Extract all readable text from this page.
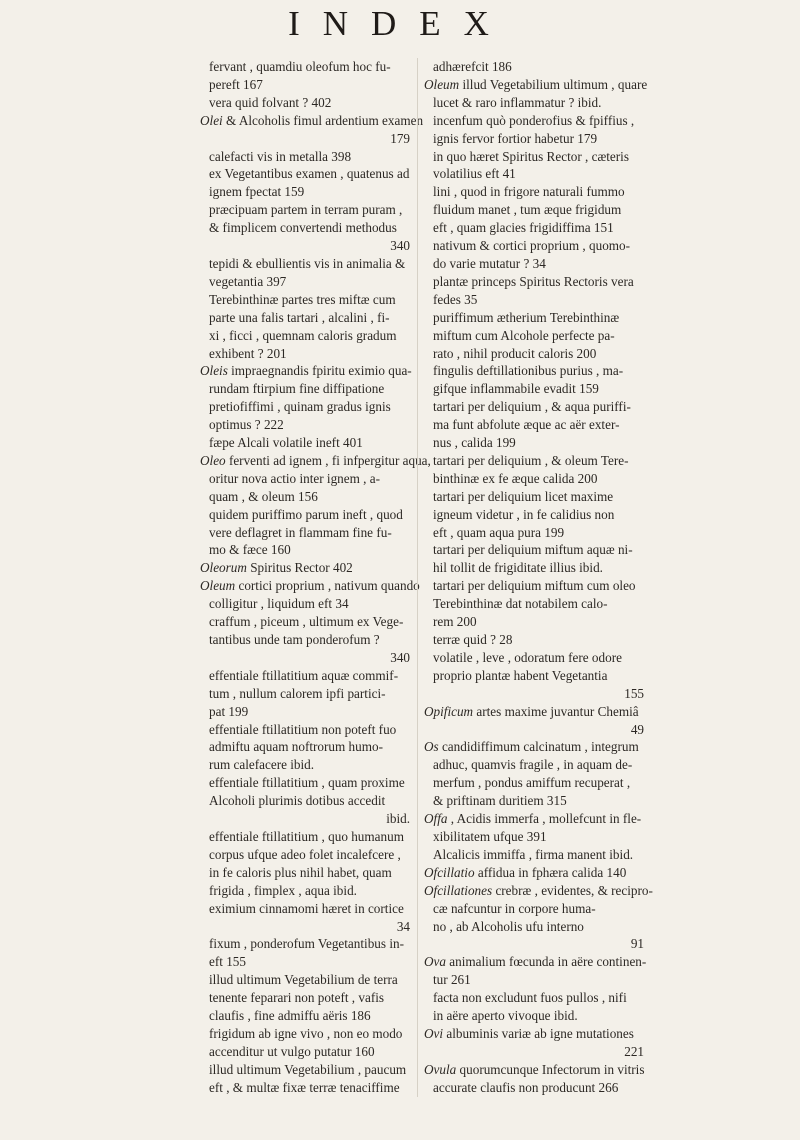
INDEX
fervant , quamdiu oleofum hoc fu-
pereft 167
vera quid folvant ? 402
Olei & Alcoholis fimul ardentium examen
179
calefacti vis in metalla 398
ex Vegetantibus examen , quatenus ad
ignem fpectat 159
præcipuam partem in terram puram ,
& fimplicem convertendi methodus
340
tepidi & ebullientis vis in animalia &
vegetantia 397
Terebinthinæ partes tres miftæ cum
parte una falis tartari , alcalini , fi-
xi , ficci , quemnam caloris gradum
exhibent ? 201
Oleis impraegnandis fpiritu eximio qua-
rundam ftirpium fine diffipatione
pretiofiffimi , quinam gradus ignis
optimus ? 222
fæpe Alcali volatile ineft 401
Oleo ferventi ad ignem , fi infpergitur aqua,
oritur nova actio inter ignem , a-
quam , & oleum 156
quidem puriffimo parum ineft , quod
vere deflagret in flammam fine fu-
mo & fæce 160
Oleorum Spiritus Rector 402
Oleum cortici proprium , nativum quando
colligitur , liquidum eft 34
craffum , piceum , ultimum ex Vege-
tantibus unde tam ponderofum ?
340
effentiale ftillatitium aquæ commif-
tum , nullum calorem ipfi partici-
pat 199
effentiale ftillatitium non poteft fuo
admiftu aquam noftrorum humo-
rum calefacere ibid.
effentiale ftillatitium , quam proxime
Alcoholi plurimis dotibus accedit
ibid.
effentiale ftillatitium , quo humanum
corpus ufque adeo folet incalefcere ,
in fe caloris plus nihil habet, quam
frigida , fimplex , aqua ibid.
eximium cinnamomi hæret in cortice
34
fixum , ponderofum Vegetantibus in-
eft 155
illud ultimum Vegetabilium de terra
tenente feparari non poteft , vafis
claufis , fine admiffu aëris 186
frigidum ab igne vivo , non eo modo
accenditur ut vulgo putatur 160
illud ultimum Vegetabilium , paucum
eft , & multæ fixæ terræ tenaciffime
adhærefcit 186
Oleum illud Vegetabilium ultimum , quare
lucet & raro inflammatur ? ibid.
incenfum quò ponderofius & fpiffius ,
ignis fervor fortior habetur 179
in quo hæret Spiritus Rector , cæteris
volatilius eft 41
lini , quod in frigore naturali fummo
fluidum manet , tum æque frigidum
eft , quam glacies frigidiffima 151
nativum & cortici proprium , quomo-
do varie mutatur ? 34
plantæ princeps Spiritus Rectoris vera
fedes 35
puriffimum ætherium Terebinthinæ
miftum cum Alcohole perfecte pa-
rato , nihil producit caloris 200
fingulis deftillationibus purius , ma-
gifque inflammabile evadit 159
tartari per deliquium , & aqua puriffi-
ma funt abfolute æque ac aër exter-
nus , calida 199
tartari per deliquium , & oleum Tere-
binthinæ ex fe æque calida 200
tartari per deliquium licet maxime
igneum videtur , in fe calidius non
eft , quam aqua pura 199
tartari per deliquium miftum aquæ ni-
hil tollit de frigiditate illius ibid.
tartari per deliquium miftum cum oleo
Terebinthinæ dat notabilem calo-
rem 200
terræ quid ? 28
volatile , leve , odoratum fere odore
proprio plantæ habent Vegetantia
155
Opificum artes maxime juvantur Chemiâ
49
Os candidiffimum calcinatum , integrum
adhuc, quamvis fragile , in aquam de-
merfum , pondus amiffum recuperat ,
& priftinam duritiem 315
Offa , Acidis immerfa , mollefcunt in fle-
xibilitatem ufque 391
Alcalicis immiffa , firma manent ibid.
Ofcillatio affidua in fphæra calida 140
Ofcillationes crebræ , evidentes, & recipro-
cæ nafcuntur in corpore huma-
no , ab Alcoholis ufu interno
91
Ova animalium fœcunda in aëre continen-
tur 261
facta non excludunt fuos pullos , nifi
in aëre aperto vivoque ibid.
Ovi albuminis variæ ab igne mutationes
221
Ovula quorumcunque Infectorum in vitris
accurate claufis non producunt 266
